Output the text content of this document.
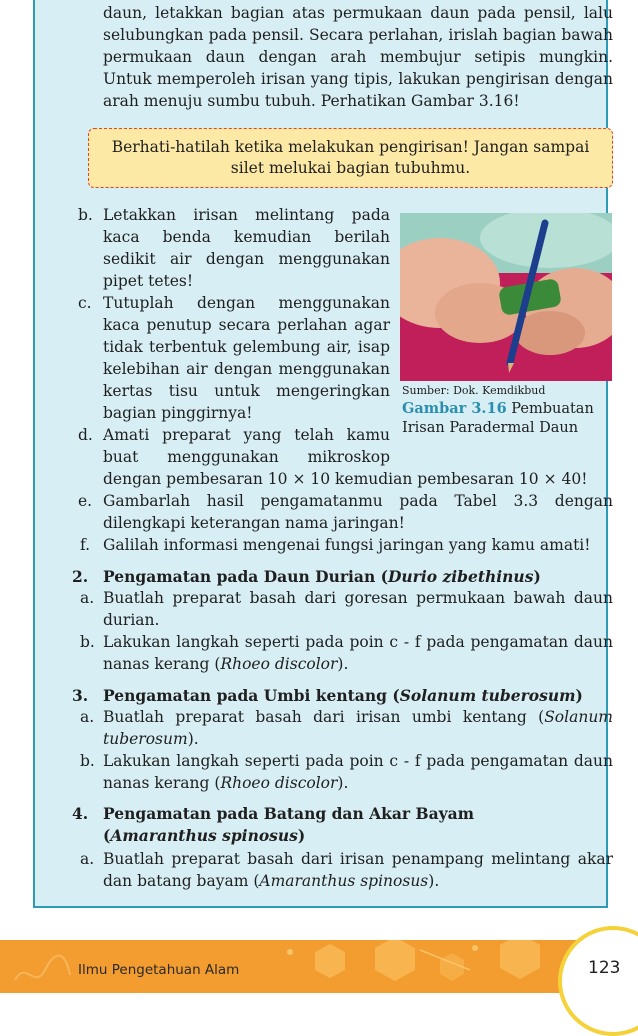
daun, letakkan bagian atas permukaan daun pada pensil, lalu
selubungkan pada pensil. Secara perlahan, irislah bagian bawah
permukaan daun dengan arah membujur setipis mungkin.
Untuk memperoleh irisan yang tipis, lakukan pengirisan dengan
arah menuju sumbu tubuh. Perhatikan Gambar 3.16!
Berhati-hatilah ketika melakukan pengirisan! Jangan sampai
silet melukai bagian tubuhmu.
b. Letakkan irisan melintang pada
kaca benda kemudian berilah
sedikit air dengan menggunakan
pipet tetes!
c. Tutuplah dengan menggunakan
kaca penutup secara perlahan agar
tidak terbentuk gelembung air, isap
kelebihan air dengan menggunakan
kertas tisu untuk mengeringkan
bagian pinggirnya!
d. Amati preparat yang telah kamu
buat menggunakan mikroskop
dengan pembesaran 10 × 10 kemudian pembesaran 10 × 40!
e. Gambarlah hasil pengamatanmu pada Tabel 3.3 dengan
dilengkapi keterangan nama jaringan!
f. Galilah informasi mengenai fungsi jaringan yang kamu amati!
Sumber: Dok. Kemdikbud
Gambar 3.16 Pembuatan
Irisan Paradermal Daun
2. Pengamatan pada Daun Durian (Durio zibethinus)
a. Buatlah preparat basah dari goresan permukaan bawah daun
durian.
b. Lakukan langkah seperti pada poin c - f pada pengamatan daun
nanas kerang (Rhoeo discolor).
3. Pengamatan pada Umbi kentang (Solanum tuberosum)
a. Buatlah preparat basah dari irisan umbi kentang (Solanum
tuberosum).
b. Lakukan langkah seperti pada poin c - f pada pengamatan daun
nanas kerang (Rhoeo discolor).
4. Pengamatan pada Batang dan Akar Bayam
(Amaranthus spinosus)
a. Buatlah preparat basah dari irisan penampang melintang akar
dan batang bayam (Amaranthus spinosus).
Ilmu Pengetahuan Alam	123
